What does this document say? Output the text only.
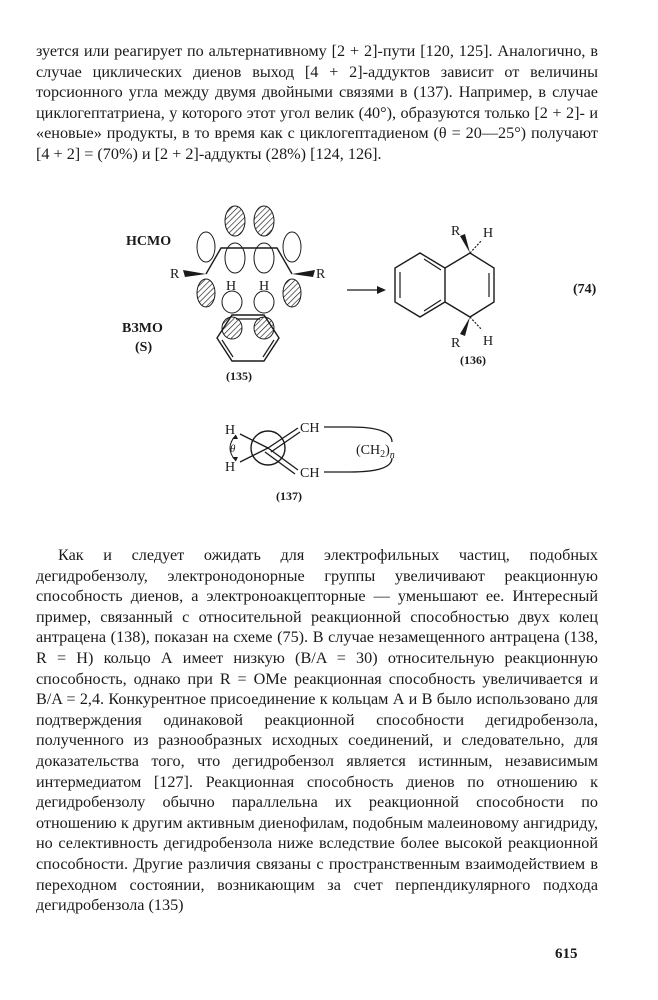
зуется или реагирует по альтернативному [2 + 2]-пути [120, 125]. Аналогично, в случае циклических диенов выход [4 + 2]-аддуктов зависит от величины торсионного угла между двумя двойными связями в (137). Например, в случае циклогептатриена, у которого этот угол велик (40°), образуются только [2 + 2]- и «еновые» продукты, в то время как с циклогептадиеном (θ = 20—25°) получают [4 + 2] = (70%) и [2 + 2]-аддукты (28%) [124, 126].

НСМО
ВЗМО
(S)
R	R
H H
(135)
R H
R H
(136)
(74)
H
H
θ
CH
CH
$(CH_2)_n$
(137)

Как и следует ожидать для электрофильных частиц, подобных дегидробензолу, электронодонорные группы увеличивают реакционную способность диенов, а электроноакцепторные — уменьшают ее. Интересный пример, связанный с относительной реакционной способностью двух колец антрацена (138), показан на схеме (75). В случае незамещенного антрацена (138, R = H) кольцо А имеет низкую (B/A = 30) относительную реакционную способность, однако при R = OMe реакционная способность увеличивается и B/A = 2,4. Конкурентное присоединение к кольцам А и В было использовано для подтверждения одинаковой реакционной способности дегидробензола, полученного из разнообразных исходных соединений, и следовательно, для доказательства того, что дегидробензол является истинным, независимым интермедиатом [127]. Реакционная способность диенов по отношению к дегидробензолу обычно параллельна их реакционной способности по отношению к другим активным диенофилам, подобным малеиновому ангидриду, но селективность дегидробензола ниже вследствие более высокой реакционной способности. Другие различия связаны с пространственным взаимодействием в переходном состоянии, возникающим за счет перпендикулярного подхода дегидробензола (135)

615
